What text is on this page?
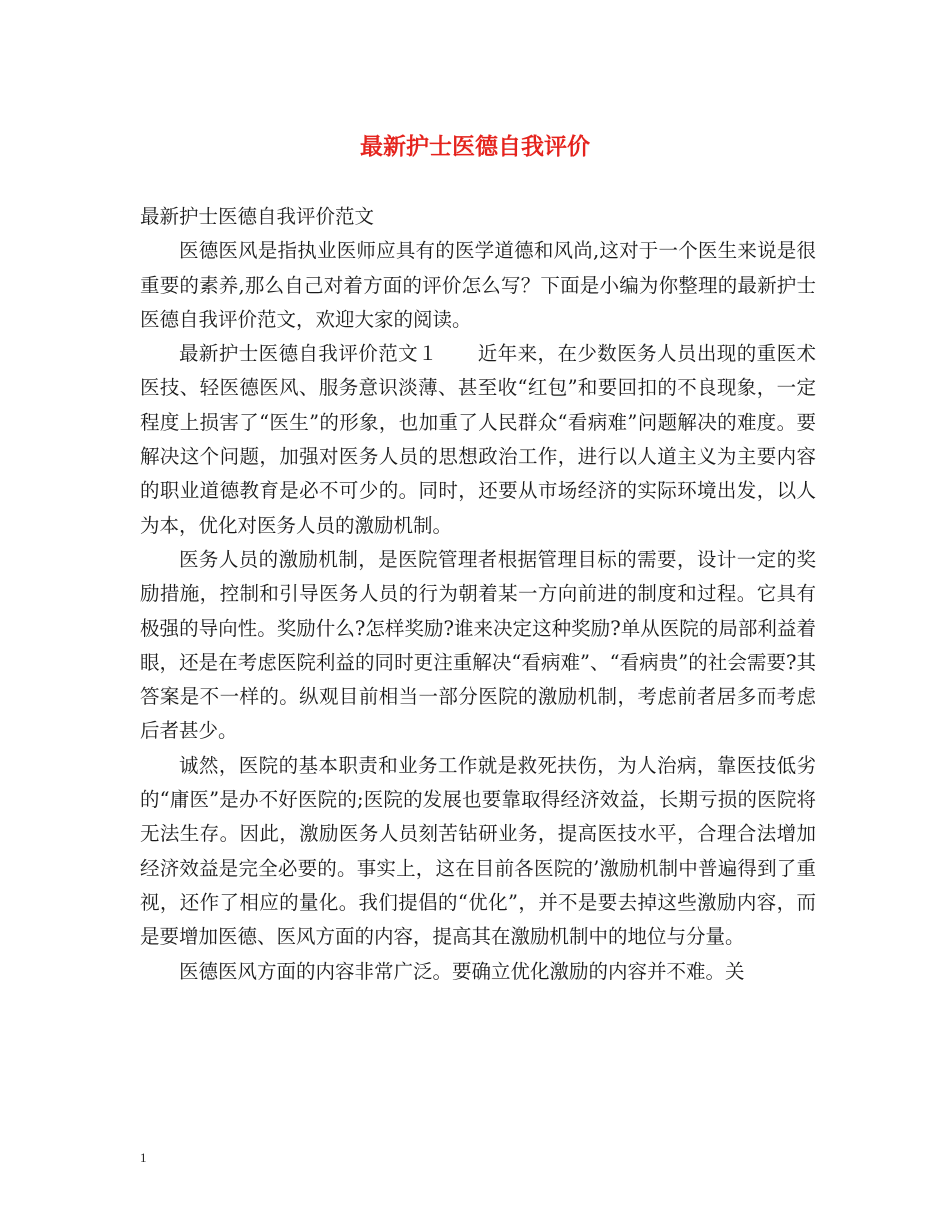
最新护士医德自我评价

最新护士医德自我评价范文

医德医风是指执业医师应具有的医学道德和风尚,这对于一个医生来说是很重要的素养,那么自己对着方面的评价怎么写？下面是小编为你整理的最新护士医德自我评价范文，欢迎大家的阅读。

最新护士医德自我评价范文１　　近年来，在少数医务人员出现的重医术医技、轻医德医风、服务意识淡薄、甚至收“红包”和要回扣的不良现象，一定程度上损害了“医生”的形象，也加重了人民群众“看病难”问题解决的难度。要解决这个问题，加强对医务人员的思想政治工作，进行以人道主义为主要内容的职业道德教育是必不可少的。同时，还要从市场经济的实际环境出发，以人为本，优化对医务人员的激励机制。

医务人员的激励机制，是医院管理者根据管理目标的需要，设计一定的奖励措施，控制和引导医务人员的行为朝着某一方向前进的制度和过程。它具有极强的导向性。奖励什么?怎样奖励?谁来决定这种奖励?单从医院的局部利益着眼，还是在考虑医院利益的同时更注重解决“看病难”、“看病贵”的社会需要?其答案是不一样的。纵观目前相当一部分医院的激励机制，考虑前者居多而考虑后者甚少。

诚然，医院的基本职责和业务工作就是救死扶伤，为人治病，靠医技低劣的“庸医”是办不好医院的;医院的发展也要靠取得经济效益，长期亏损的医院将无法生存。因此，激励医务人员刻苦钻研业务，提高医技水平，合理合法增加经济效益是完全必要的。事实上，这在目前各医院的’激励机制中普遍得到了重视，还作了相应的量化。我们提倡的“优化”，并不是要去掉这些激励内容，而是要增加医德、医风方面的内容，提高其在激励机制中的地位与分量。

医德医风方面的内容非常广泛。要确立优化激励的内容并不难。关

1
